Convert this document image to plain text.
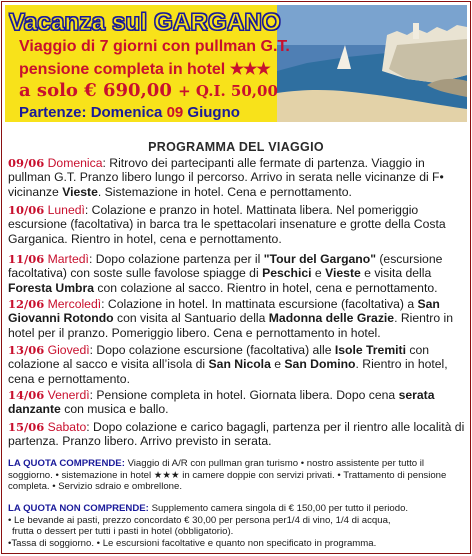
Vacanza sul GARGANO
Viaggio di 7 giorni con pullman G.T.
pensione completa in hotel ★★★
a solo € 690,00 + Q.I. 50,00
Partenze: Domenica 09 Giugno
PROGRAMMA DEL VIAGGIO
09/06 Domenica: Ritrovo dei partecipanti alle fermate di partenza. Viaggio in pullman G.T. Pranzo libero lungo il percorso. Arrivo in serata nelle vicinanze di F• vicinanze Vieste. Sistemazione in hotel. Cena e pernottamento.
10/06 Lunedì: Colazione e pranzo in hotel. Mattinata libera. Nel pomeriggio escursione (facoltativa) in barca tra le spettacolari insenature e grotte della Costa Garganica. Rientro in hotel, cena e pernottamento.
11/06 Martedì: Dopo colazione partenza per il "Tour del Gargano" (escursione facoltativa) con soste sulle favolose spiagge di Peschici e Vieste e visita della Foresta Umbra con colazione al sacco. Rientro in hotel, cena e pernottamento.
12/06 Mercoledì: Colazione in hotel. In mattinata escursione (facoltativa) a San Giovanni Rotondo con visita al Santuario della Madonna delle Grazie. Rientro in hotel per il pranzo. Pomeriggio libero. Cena e pernottamento in hotel.
13/06 Giovedì: Dopo colazione escursione (facoltativa) alle Isole Tremiti con colazione al sacco e visita all’isola di San Nicola e San Domino. Rientro in hotel, cena e pernottamento.
14/06 Venerdì: Pensione completa in hotel. Giornata libera. Dopo cena serata danzante con musica e ballo.
15/06 Sabato: Dopo colazione e carico bagagli, partenza per il rientro alle località di partenza. Pranzo libero. Arrivo previsto in serata.
LA QUOTA COMPRENDE: Viaggio di A/R con pullman gran turismo • nostro assistente per tutto il soggiorno. • sistemazione in hotel ★★★ in camere doppie con servizi privati. • Trattamento di pensione completa. • Servizio sdraio e ombrellone.
LA QUOTA NON COMPRENDE: Supplemento camera singola di € 150,00 per tutto il periodo.
• Le bevande ai pasti, prezzo concordato € 30,00 per persona per1/4 di vino, 1/4 di acqua,
frutta o dessert per tutti i pasti in hotel (obbligatorio).
•Tassa di soggiorno. • Le escursioni facoltative e quanto non specificato in programma.
